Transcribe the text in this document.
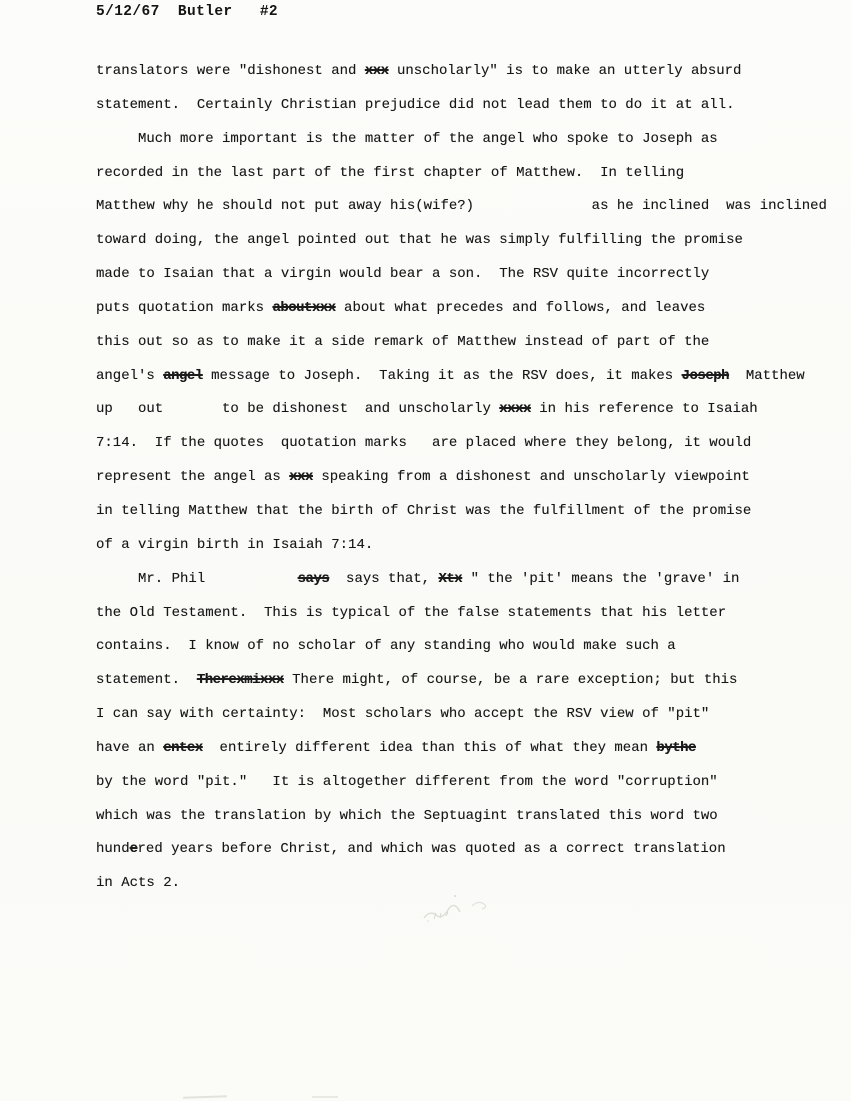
5/12/67  Butler   #2
translators were "dishonest and xxx unscholarly" is to make an utterly absurd
statement.  Certainly Christian prejudice did not lead them to do it at all.
Much more important is the matter of the angel who spoke to Joseph as
recorded in the last part of the first chapter of Matthew.  In telling
Matthew why he should not put away his(wife?)              as he inclined  was inclined
toward doing, the angel pointed out that he was simply fulfilling the promise
made to Isaian that a virgin would bear a son.  The RSV quite incorrectly
puts quotation marks aboutxxx about what precedes and follows, and leaves
this out so as to make it a side remark of Matthew instead of part of the
angel's angel message to Joseph.  Taking it as the RSV does, it makes Joseph  Matthew
up   out       to be dishonest  and unscholarly xxxx in his reference to Isaiah
7:14.  If the quotes  quotation marks   are placed where they belong, it would
represent the angel as xxx speaking from a dishonest and unscholarly viewpoint
in telling Matthew that the birth of Christ was the fulfillment of the promise
of a virgin birth in Isaiah 7:14.
Mr. Phil           says  says that, Xtx " the 'pit' means the 'grave' in
the Old Testament.  This is typical of the false statements that his letter
contains.  I know of no scholar of any standing who would make such a
statement.  Therexmixxx There might, of course, be a rare exception; but this
I can say with certainty:  Most scholars who accept the RSV view of "pit"
have an entex  entirely different idea than this of what they mean bythe
by the word "pit."   It is altogether different from the word "corruption"
which was the translation by which the Septuagint translated this word two
hundered years before Christ, and which was quoted as a correct translation
in Acts 2.
